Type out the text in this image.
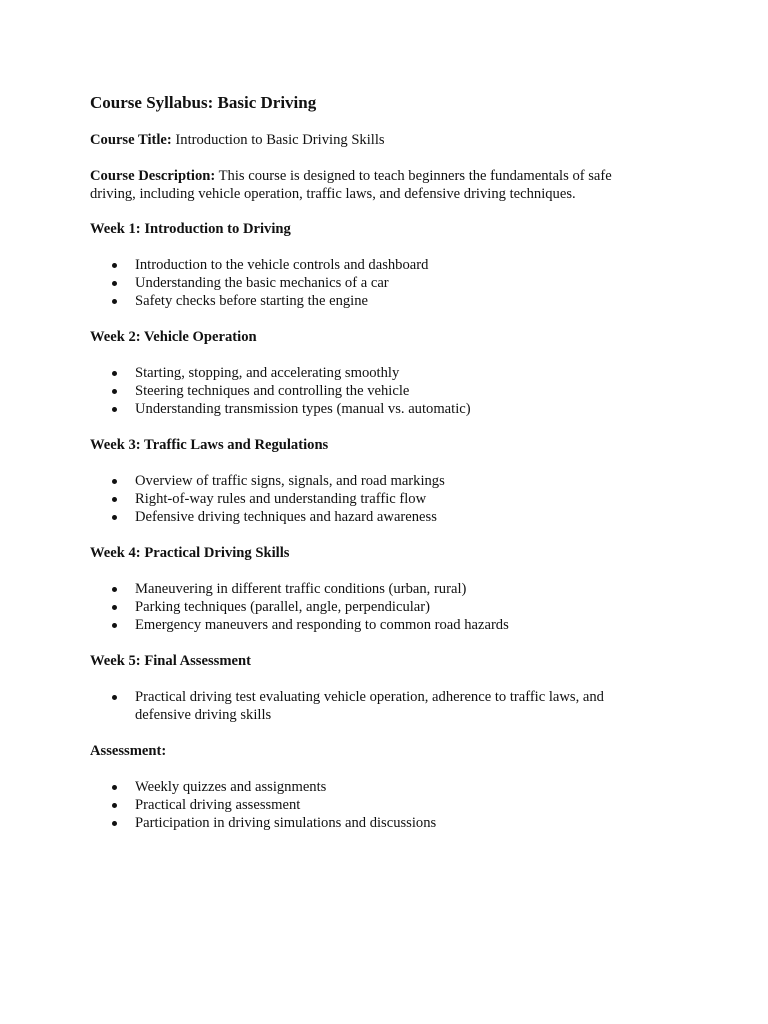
Course Syllabus: Basic Driving

Course Title: Introduction to Basic Driving Skills

Course Description: This course is designed to teach beginners the fundamentals of safe driving, including vehicle operation, traffic laws, and defensive driving techniques.

Week 1: Introduction to Driving
Introduction to the vehicle controls and dashboard
Understanding the basic mechanics of a car
Safety checks before starting the engine
Week 2: Vehicle Operation
Starting, stopping, and accelerating smoothly
Steering techniques and controlling the vehicle
Understanding transmission types (manual vs. automatic)
Week 3: Traffic Laws and Regulations
Overview of traffic signs, signals, and road markings
Right-of-way rules and understanding traffic flow
Defensive driving techniques and hazard awareness
Week 4: Practical Driving Skills
Maneuvering in different traffic conditions (urban, rural)
Parking techniques (parallel, angle, perpendicular)
Emergency maneuvers and responding to common road hazards
Week 5: Final Assessment
Practical driving test evaluating vehicle operation, adherence to traffic laws, and defensive driving skills
Assessment:
Weekly quizzes and assignments
Practical driving assessment
Participation in driving simulations and discussions
